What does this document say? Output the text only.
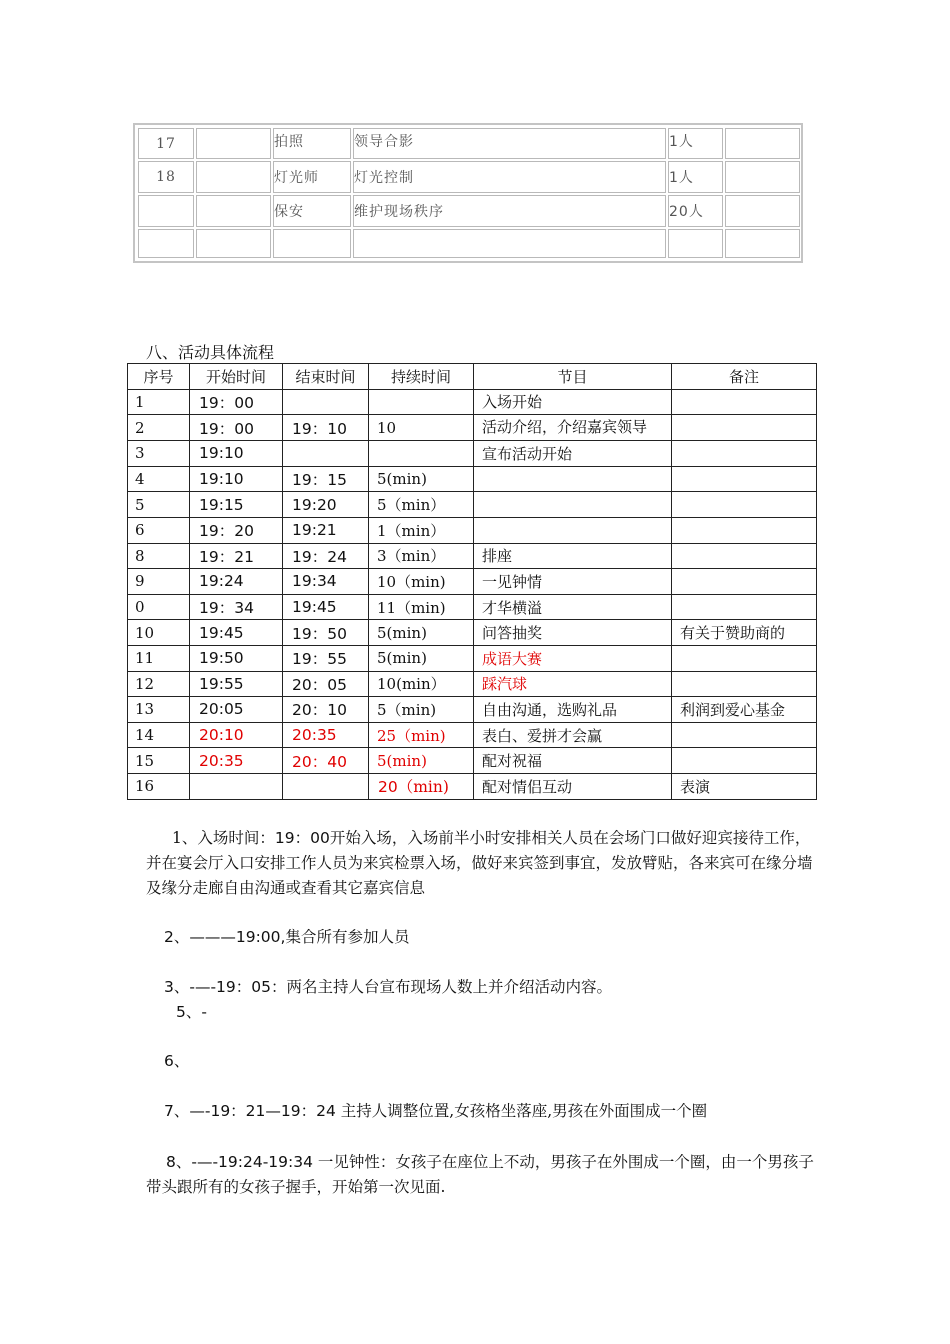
17		拍照	领导合影	1人	
18		灯光师	灯光控制	1人	
		保安	维护现场秩序	20人	

八、活动具体流程
序号	开始时间	结束时间	持续时间	节目	备注
1	19：00			入场开始	
2	19：00	19：10	10	活动介绍，介绍嘉宾领导	
3	19:10			宣布活动开始	
4	19:10	19：15	5(min)		
5	19:15	19:20	5（min）		
6	19：20	19:21	1（min）		
8	19：21	19：24	3（min）	排座	
9	19:24	19:34	10（min)	一见钟情	
0	19：34	19:45	11（min)	才华横溢	
10	19:45	19：50	5(min)	问答抽奖	有关于赞助商的
11	19:50	19：55	5(min)	成语大赛	
12	19:55	20：05	10(min）	踩汽球	
13	20:05	20：10	5（min)	自由沟通，选购礼品	利润到爱心基金
14	20:10	20:35	25（min)	表白、爱拼才会赢	
15	20:35	20：40	5(min)	配对祝福	
16			20（min)	配对情侣互动	表演
1、入场时间：19：00开始入场，入场前半小时安排相关人员在会场门口做好迎宾接待工作，并在宴会厅入口安排工作人员为来宾检票入场，做好来宾签到事宜，发放臂贴，各来宾可在缘分墙及缘分走廊自由沟通或查看其它嘉宾信息
2、———19:00,集合所有参加人员
3、-—-19：05：两名主持人台宣布现场人数上并介绍活动内容。
5、-
6、
7、—-19：21—19：24 主持人调整位置,女孩格坐落座,男孩在外面围成一个圈
8、-—-19:24-19:34 一见钟性：女孩子在座位上不动，男孩子在外围成一个圈，由一个男孩子带头跟所有的女孩子握手，开始第一次见面.
